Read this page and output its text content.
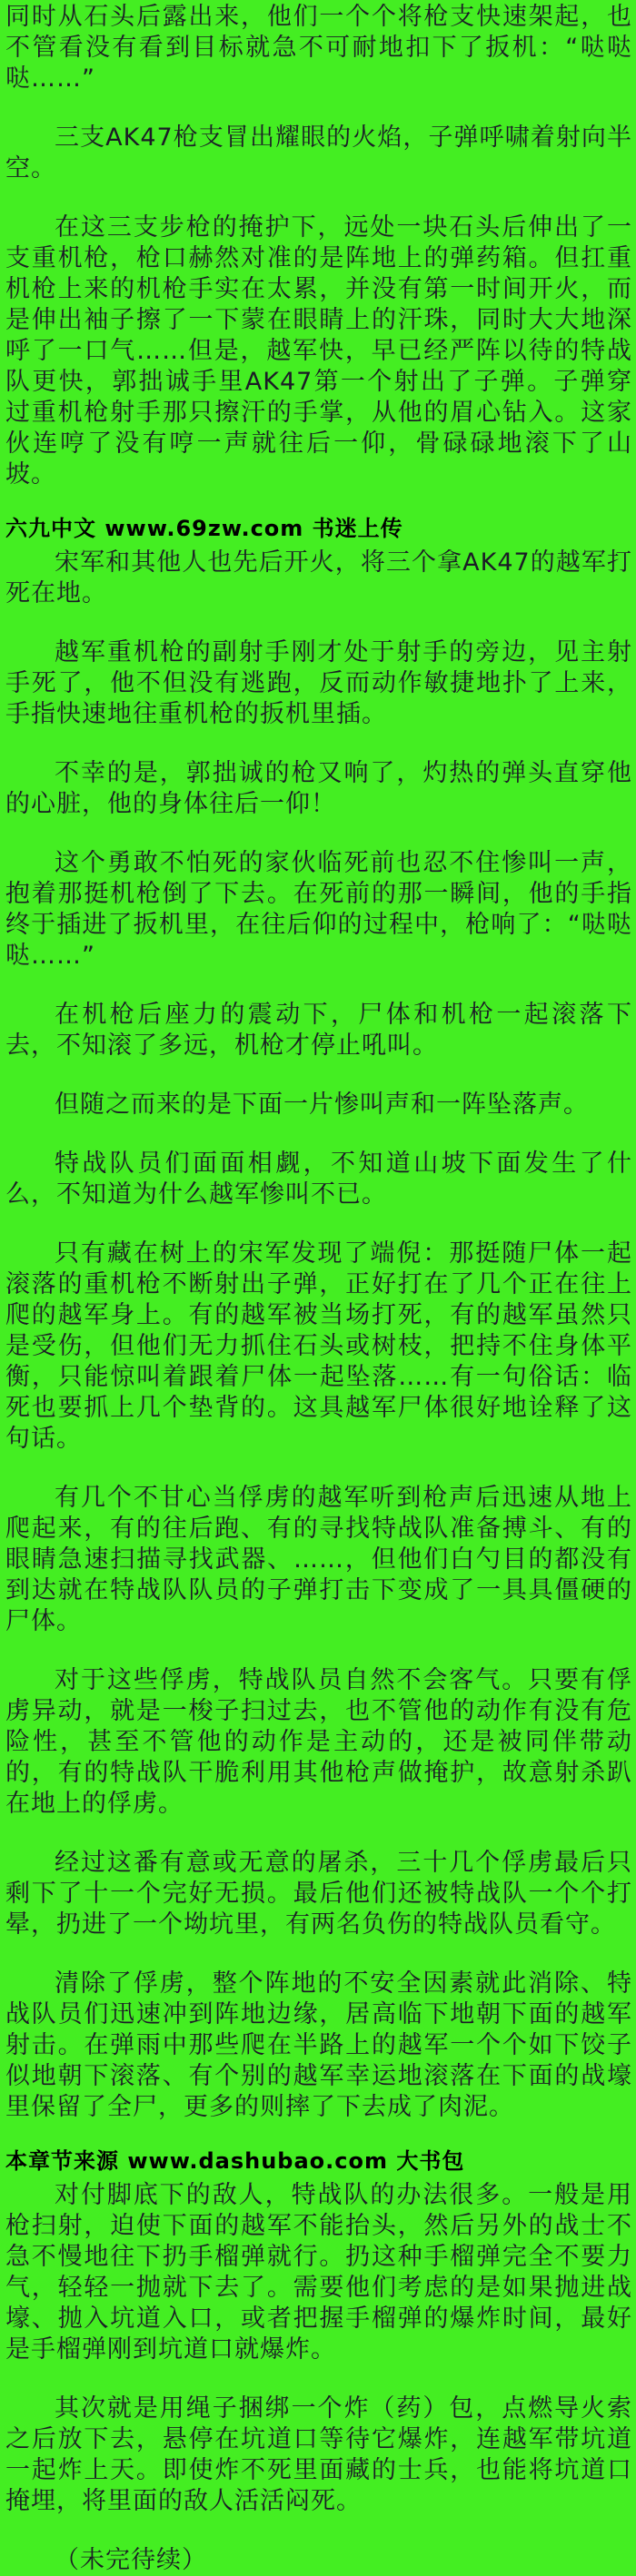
同时从石头后露出来，他们一个个将枪支快速架起，也不管看没有看到目标就急不可耐地扣下了扳机：“哒哒哒……”

三支AK47枪支冒出耀眼的火焰，子弹呼啸着射向半空。

在这三支步枪的掩护下，远处一块石头后伸出了一支重机枪，枪口赫然对准的是阵地上的弹药箱。但扛重机枪上来的机枪手实在太累，并没有第一时间开火，而是伸出袖子擦了一下蒙在眼睛上的汗珠，同时大大地深呼了一口气……但是，越军快，早已经严阵以待的特战队更快，郭拙诚手里AK47第一个射出了子弹。子弹穿过重机枪射手那只擦汗的手掌，从他的眉心钻入。这家伙连哼了没有哼一声就往后一仰，骨碌碌地滚下了山坡。

六九中文 www.69zw.com 书迷上传

宋军和其他人也先后开火，将三个拿AK47的越军打死在地。

越军重机枪的副射手刚才处于射手的旁边，见主射手死了，他不但没有逃跑，反而动作敏捷地扑了上来，手指快速地往重机枪的扳机里插。

不幸的是，郭拙诚的枪又响了，灼热的弹头直穿他的心脏，他的身体往后一仰！

这个勇敢不怕死的家伙临死前也忍不住惨叫一声，抱着那挺机枪倒了下去。在死前的那一瞬间，他的手指终于插进了扳机里，在往后仰的过程中，枪响了：“哒哒哒……”

在机枪后座力的震动下，尸体和机枪一起滚落下去，不知滚了多远，机枪才停止吼叫。

但随之而来的是下面一片惨叫声和一阵坠落声。

特战队员们面面相觑，不知道山坡下面发生了什么，不知道为什么越军惨叫不已。

只有藏在树上的宋军发现了端倪：那挺随尸体一起滚落的重机枪不断射出子弹，正好打在了几个正在往上爬的越军身上。有的越军被当场打死，有的越军虽然只是受伤，但他们无力抓住石头或树枝，把持不住身体平衡，只能惊叫着跟着尸体一起坠落……有一句俗话：临死也要抓上几个垫背的。这具越军尸体很好地诠释了这句话。

有几个不甘心当俘虏的越军听到枪声后迅速从地上爬起来，有的往后跑、有的寻找特战队准备搏斗、有的眼睛急速扫描寻找武器、……，但他们白勺目的都没有到达就在特战队队员的子弹打击下变成了一具具僵硬的尸体。

对于这些俘虏，特战队员自然不会客气。只要有俘虏异动，就是一梭子扫过去，也不管他的动作有没有危险性，甚至不管他的动作是主动的，还是被同伴带动的，有的特战队干脆利用其他枪声做掩护，故意射杀趴在地上的俘虏。

经过这番有意或无意的屠杀，三十几个俘虏最后只剩下了十一个完好无损。最后他们还被特战队一个个打晕，扔进了一个坳坑里，有两名负伤的特战队员看守。

清除了俘虏，整个阵地的不安全因素就此消除、特战队员们迅速冲到阵地边缘，居高临下地朝下面的越军射击。在弹雨中那些爬在半路上的越军一个个如下饺子似地朝下滚落、有个别的越军幸运地滚落在下面的战壕里保留了全尸，更多的则摔了下去成了肉泥。

本章节来源 www.dashubao.com 大书包

对付脚底下的敌人，特战队的办法很多。一般是用枪扫射，迫使下面的越军不能抬头，然后另外的战士不急不慢地往下扔手榴弹就行。扔这种手榴弹完全不要力气，轻轻一抛就下去了。需要他们考虑的是如果抛进战壕、抛入坑道入口，或者把握手榴弹的爆炸时间，最好是手榴弹刚到坑道口就爆炸。

其次就是用绳子捆绑一个炸（药）包，点燃导火索之后放下去，悬停在坑道口等待它爆炸，连越军带坑道一起炸上天。即使炸不死里面藏的士兵，也能将坑道口掩埋，将里面的敌人活活闷死。

（未完待续）
